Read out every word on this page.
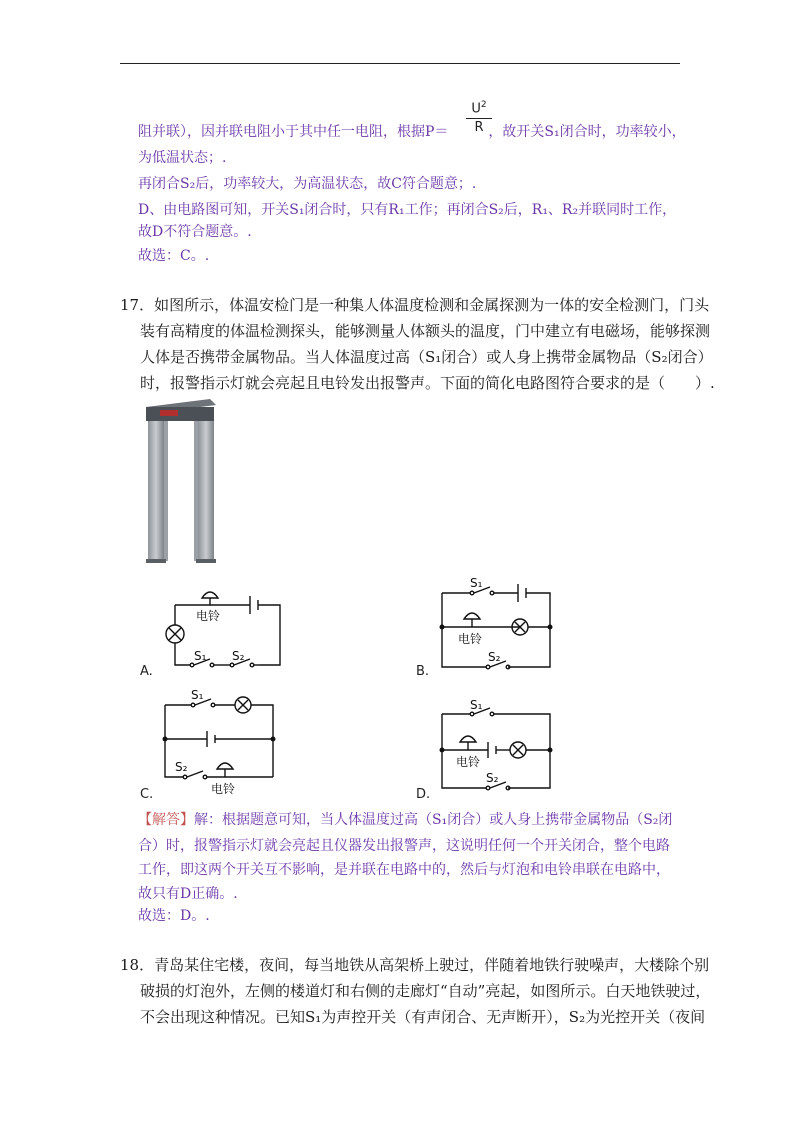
阻并联），因并联电阻小于其中任一电阻，根据P＝	，故开关S₁闭合时，功率较小，
$\frac{U^2}{R}$
为低温状态；.
再闭合S₂后，功率较大，为高温状态，故C符合题意；.
D、由电路图可知，开关S₁闭合时，只有R₁工作；再闭合S₂后，R₁、R₂并联同时工作，
故D不符合题意。.
故选：C。.
17．如图所示，体温安检门是一种集人体温度检测和金属探测为一体的安全检测门，门头
装有高精度的体温检测探头，能够测量人体额头的温度，门中建立有电磁场，能够探测
人体是否携带金属物品。当人体温度过高（S₁闭合）或人身上携带金属物品（S₂闭合）
时，报警指示灯就会亮起且电铃发出报警声。下面的简化电路图符合要求的是（　　）.
电铃
S₁ S₂
A.
电铃
S₁
S₂
B.
电铃
S₁
S₂
C.
电铃
S₁
S₂
D.
【解答】解：根据题意可知，当人体温度过高（S₁闭合）或人身上携带金属物品（S₂闭
合）时，报警指示灯就会亮起且仪器发出报警声，这说明任何一个开关闭合，整个电路
工作，即这两个开关互不影响，是并联在电路中的，然后与灯泡和电铃串联在电路中，
故只有D正确。.
故选：D。.
18．青岛某住宅楼，夜间，每当地铁从高架桥上驶过，伴随着地铁行驶噪声，大楼除个别
破损的灯泡外，左侧的楼道灯和右侧的走廊灯“自动”亮起，如图所示。白天地铁驶过，
不会出现这种情况。已知S₁为声控开关（有声闭合、无声断开），S₂为光控开关（夜间
